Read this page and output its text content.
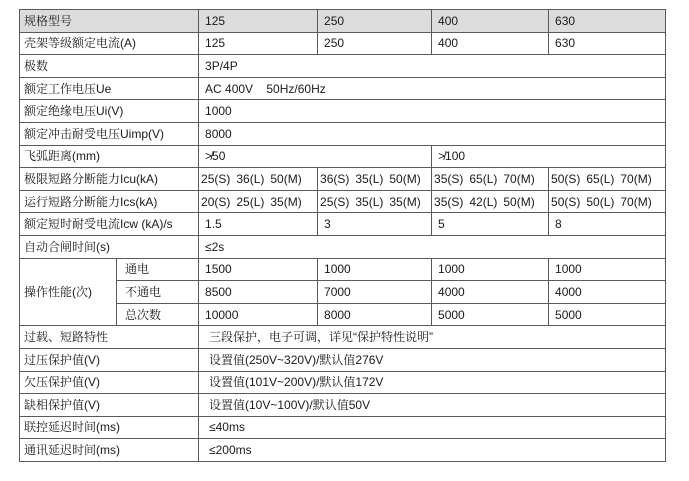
规格型号		125	250	400	630
壳架等级额定电流(A)		125	250	400	630
极数		3P/4P			
额定工作电压Ue		AC 400V    50Hz/60Hz			
额定绝缘电压Ui(V)		1000			
额定冲击耐受电压Uimp(V)		8000			
飞弧距离(mm)		≯50		≯100	
极限短路分断能力Icu(kA)		25(S) 36(L) 50(M)	36(S) 35(L) 50(M)	35(S) 65(L) 70(M)	50(S) 65(L) 70(M)
运行短路分断能力Ics(kA)		20(S) 25(L) 35(M)	25(S) 35(L) 35(M)	35(S) 42(L) 50(M)	50(S) 50(L) 70(M)
额定短时耐受电流Icw (kA)/s		1.5	3	5	8
自动合闸时间(s)		≤2s			
操作性能(次)	通电	1500	1000	1000	1000
	不通电	8500	7000	4000	4000
	总次数	10000	8000	5000	5000
过载、短路特性		三段保护，电子可调，详见“保护特性说明”			
过压保护值(V)		设置值(250V~320V)/默认值276V			
欠压保护值(V)		设置值(101V~200V)/默认值172V			
缺相保护值(V)		设置值(10V~100V)/默认值50V			
联控延迟时间(ms)		≤40ms			
通讯延迟时间(ms)		≤200ms			
